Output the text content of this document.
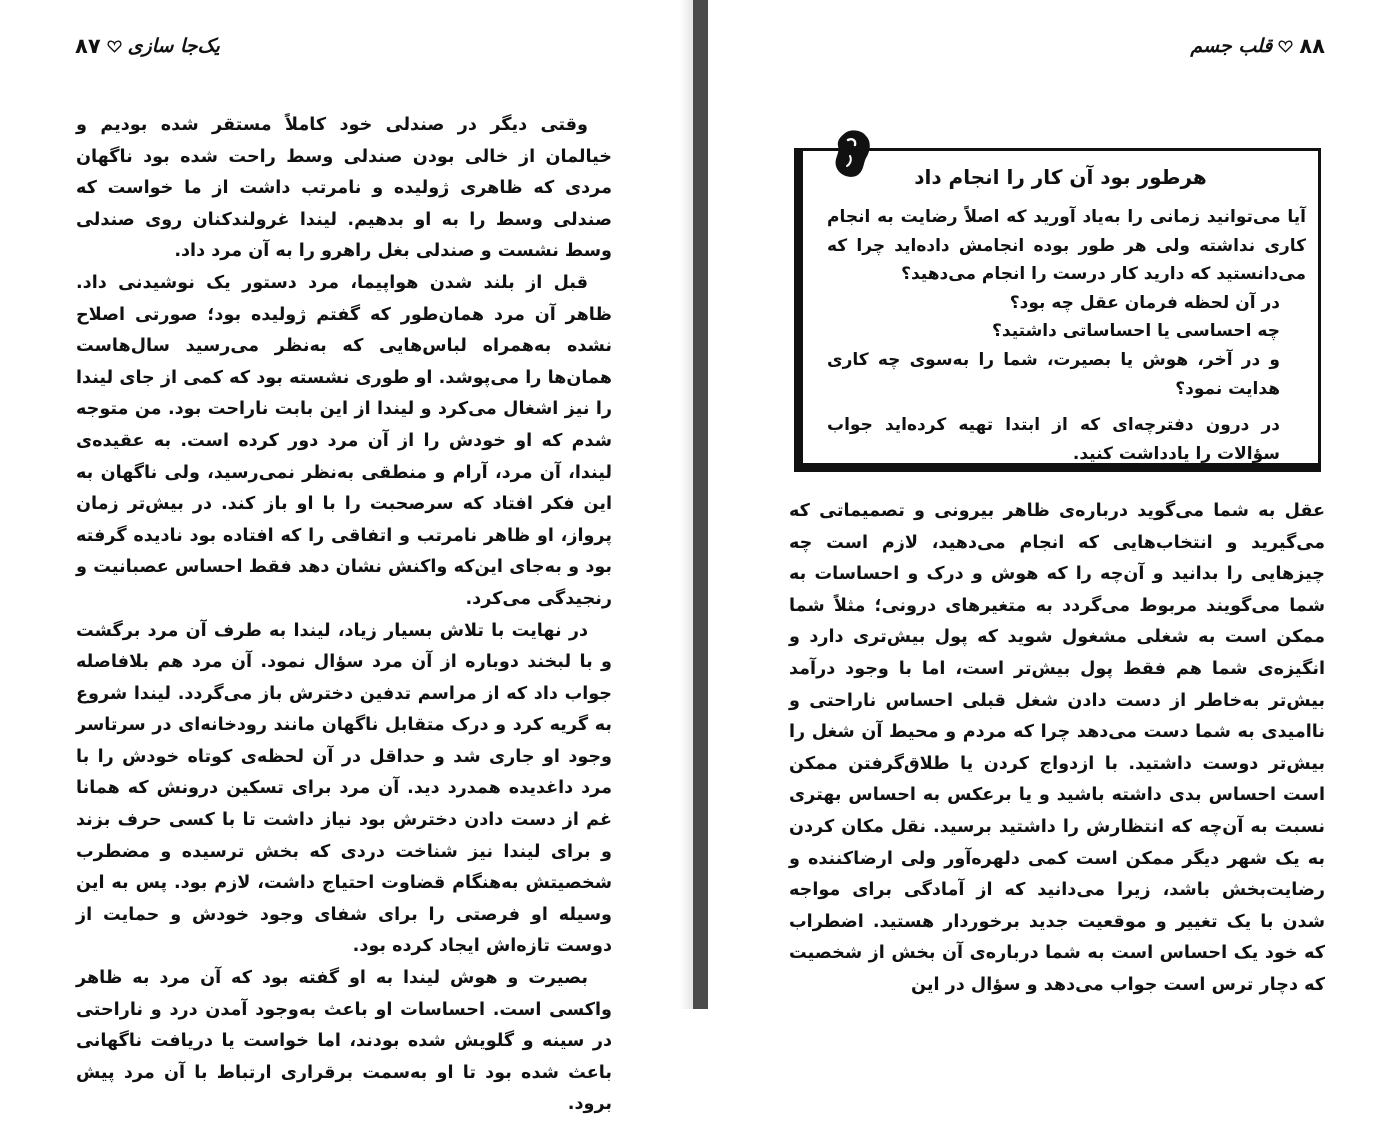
یک‌جا سازی
۸۷

وقتی دیگر در صندلی خود کاملاً مستقر شده بودیم و خیالمان از خالی بودن صندلی وسط راحت شده بود ناگهان مردی که ظاهری ژولیده و نامرتب داشت از ما خواست که صندلی وسط را به او بدهیم. لیندا غرولندکنان روی صندلی وسط نشست و صندلی بغل راهرو را به آن مرد داد.

قبل از بلند شدن هواپیما، مرد دستور یک نوشیدنی داد. ظاهر آن مرد همان‌طور که گفتم ژولیده بود؛ صورتی اصلاح نشده به‌همراه لباس‌هایی که به‌نظر می‌رسید سال‌هاست همان‌ها را می‌پوشد. او طوری نشسته بود که کمی از جای لیندا را نیز اشغال می‌کرد و لیندا از این بابت ناراحت بود. من متوجه شدم که او خودش را از آن مرد دور کرده است. به عقیده‌ی لیندا، آن مرد، آرام و منطقی به‌نظر نمی‌رسید، ولی ناگهان به این فکر افتاد که سرصحبت را با او باز کند. در بیش‌تر زمان پرواز، او ظاهر نامرتب و اتفاقی را که افتاده بود نادیده گرفته بود و به‌جای این‌که واکنش نشان دهد فقط احساس عصبانیت و رنجیدگی می‌کرد.

در نهایت با تلاش بسیار زیاد، لیندا به طرف آن مرد برگشت و با لبخند دوباره از آن مرد سؤال نمود. آن مرد هم بلافاصله جواب داد که از مراسم تدفین دخترش باز می‌گردد. لیندا شروع به گریه کرد و درک متقابل ناگهان مانند رودخانه‌ای در سرتاسر وجود او جاری شد و حداقل در آن لحظه‌ی کوتاه خودش را با مرد داغدیده همدرد دید. آن مرد برای تسکین درونش که همانا غم از دست دادن دخترش بود نیاز داشت تا با کسی حرف بزند و برای لیندا نیز شناخت دردی که بخش ترسیده و مضطرب شخصیتش به‌هنگام قضاوت احتیاج داشت، لازم بود. پس به این وسیله او فرصتی را برای شفای وجود خودش و حمایت از دوست تازه‌اش ایجاد کرده بود.

بصیرت و هوش لیندا به او گفته بود که آن مرد به ظاهر واکسی است. احساسات او باعث به‌وجود آمدن درد و ناراحتی در سینه و گلویش شده بودند، اما خواست یا دریافت ناگهانی باعث شده بود تا او به‌سمت برقراری ارتباط با آن مرد پیش برود.

۸۸
قلب جسم
هرطور بود آن کار را انجام داد

آیا می‌توانید زمانی را به‌یاد آورید که اصلاً رضایت به انجام کاری نداشته ولی هر طور بوده انجامش داده‌اید چرا که می‌دانستید که دارید کار درست را انجام می‌دهید؟

در آن لحظه فرمان عقل چه بود؟

چه احساسی یا احساساتی داشتید؟

و در آخر، هوش یا بصیرت، شما را به‌سوی چه کاری هدایت نمود؟

در درون دفترچه‌ای که از ابتدا تهیه کرده‌اید جواب سؤالات را یادداشت کنید.

عقل به شما می‌گوید درباره‌ی ظاهر بیرونی و تصمیماتی که می‌گیرید و انتخاب‌هایی که انجام می‌دهید، لازم است چه چیزهایی را بدانید و آن‌چه را که هوش و درک و احساسات به شما می‌گویند مربوط می‌گردد به متغیرهای درونی؛ مثلاً شما ممکن است به شغلی مشغول شوید که پول بیش‌تری دارد و انگیزه‌ی شما هم فقط پول بیش‌تر است، اما با وجود درآمد بیش‌تر به‌خاطر از دست دادن شغل قبلی احساس ناراحتی و ناامیدی به شما دست می‌دهد چرا که مردم و محیط آن شغل را بیش‌تر دوست داشتید. با ازدواج کردن یا طلاق‌گرفتن ممکن است احساس بدی داشته باشید و یا برعکس به احساس بهتری نسبت به آن‌چه که انتظارش را داشتید برسید. نقل مکان کردن به یک شهر دیگر ممکن است کمی دلهره‌آور ولی ارضاکننده و رضایت‌بخش باشد، زیرا می‌دانید که از آمادگی برای مواجه شدن با یک تغییر و موقعیت جدید برخوردار هستید. اضطراب که خود یک احساس است به شما درباره‌ی آن بخش از شخصیت که دچار ترس است جواب می‌دهد و سؤال در این
